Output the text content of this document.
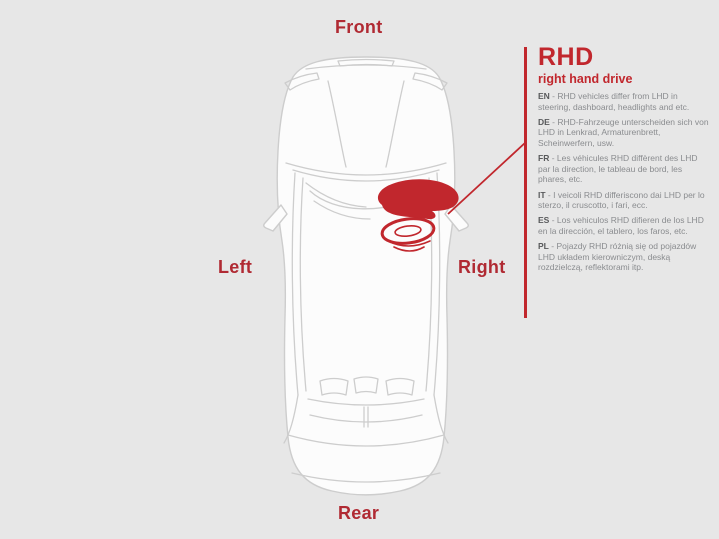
Front
Left	Right
Rear
RHD
right hand drive
EN - RHD vehicles differ from LHD in steering, dashboard, headlights and etc.
DE - RHD-Fahrzeuge unterscheiden sich von LHD in Lenkrad, Armaturenbrett, Scheinwerfern, usw.
FR - Les véhicules RHD diffèrent des LHD par la direction, le tableau de bord, les phares, etc.
IT - I veicoli RHD differiscono dai LHD per lo sterzo, il cruscotto, i fari, ecc.
ES - Los vehiculos RHD difieren de los LHD en la dirección, el tablero, los faros, etc.
PL - Pojazdy RHD różnią się od pojazdów LHD układem kierowniczym, deską rozdzielczą, reflektorami itp.
